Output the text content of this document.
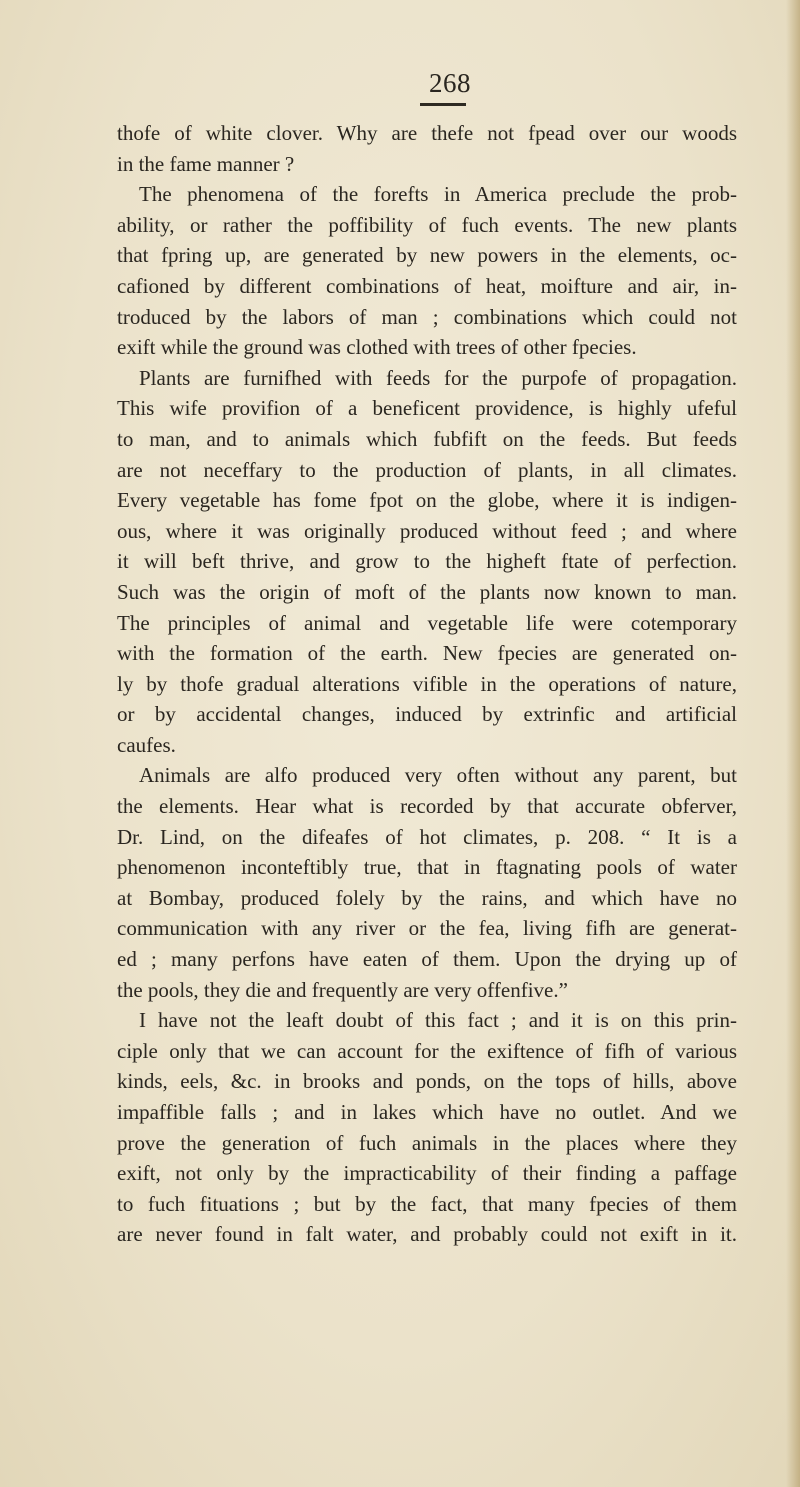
268
thofe of white clover. Why are thefe not fpead over our woods
in the fame manner ?
The phenomena of the forefts in America preclude the prob-
ability, or rather the poffibility of fuch events. The new plants
that fpring up, are generated by new powers in the elements, oc-
cafioned by different combinations of heat, moifture and air, in-
troduced by the labors of man ; combinations which could not
exift while the ground was clothed with trees of other fpecies.
Plants are furnifhed with feeds for the purpofe of propagation.
This wife provifion of a beneficent providence, is highly ufeful
to man, and to animals which fubfift on the feeds. But feeds
are not neceffary to the production of plants, in all climates.
Every vegetable has fome fpot on the globe, where it is indigen-
ous, where it was originally produced without feed ; and where
it will beft thrive, and grow to the higheft ftate of perfection.
Such was the origin of moft of the plants now known to man.
The principles of animal and vegetable life were cotemporary
with the formation of the earth. New fpecies are generated on-
ly by thofe gradual alterations vifible in the operations of nature,
or by accidental changes, induced by extrinfic and artificial
caufes.
Animals are alfo produced very often without any parent, but
the elements. Hear what is recorded by that accurate obferver,
Dr. Lind, on the difeafes of hot climates, p. 208. “ It is a
phenomenon inconteftibly true, that in ftagnating pools of water
at Bombay, produced folely by the rains, and which have no
communication with any river or the fea, living fifh are generat-
ed ; many perfons have eaten of them. Upon the drying up of
the pools, they die and frequently are very offenfive.”
I have not the leaft doubt of this fact ; and it is on this prin-
ciple only that we can account for the exiftence of fifh of various
kinds, eels, &c. in brooks and ponds, on the tops of hills, above
impaffible falls ; and in lakes which have no outlet. And we
prove the generation of fuch animals in the places where they
exift, not only by the impracticability of their finding a paffage
to fuch fituations ; but by the fact, that many fpecies of them
are never found in falt water, and probably could not exift in it.
